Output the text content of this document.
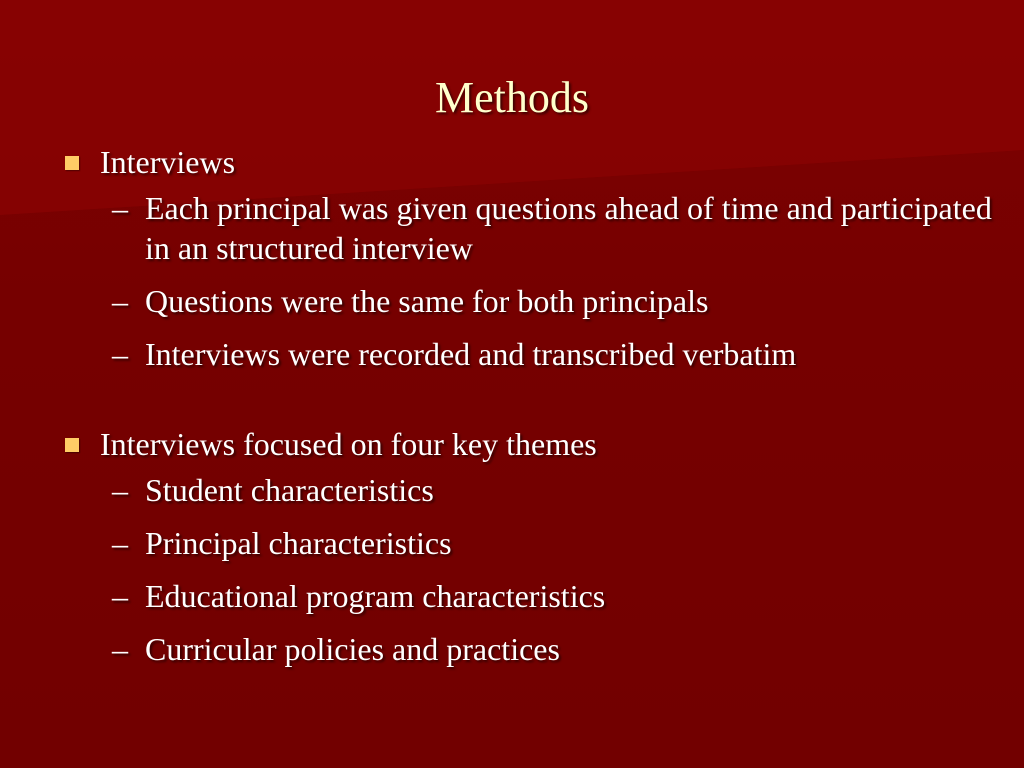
Methods
Interviews
– Each principal was given questions ahead of time and participated in an structured interview
– Questions were the same for both principals
– Interviews were recorded and transcribed verbatim
Interviews focused on four key themes
– Student characteristics
– Principal characteristics
– Educational program characteristics
– Curricular policies and practices
